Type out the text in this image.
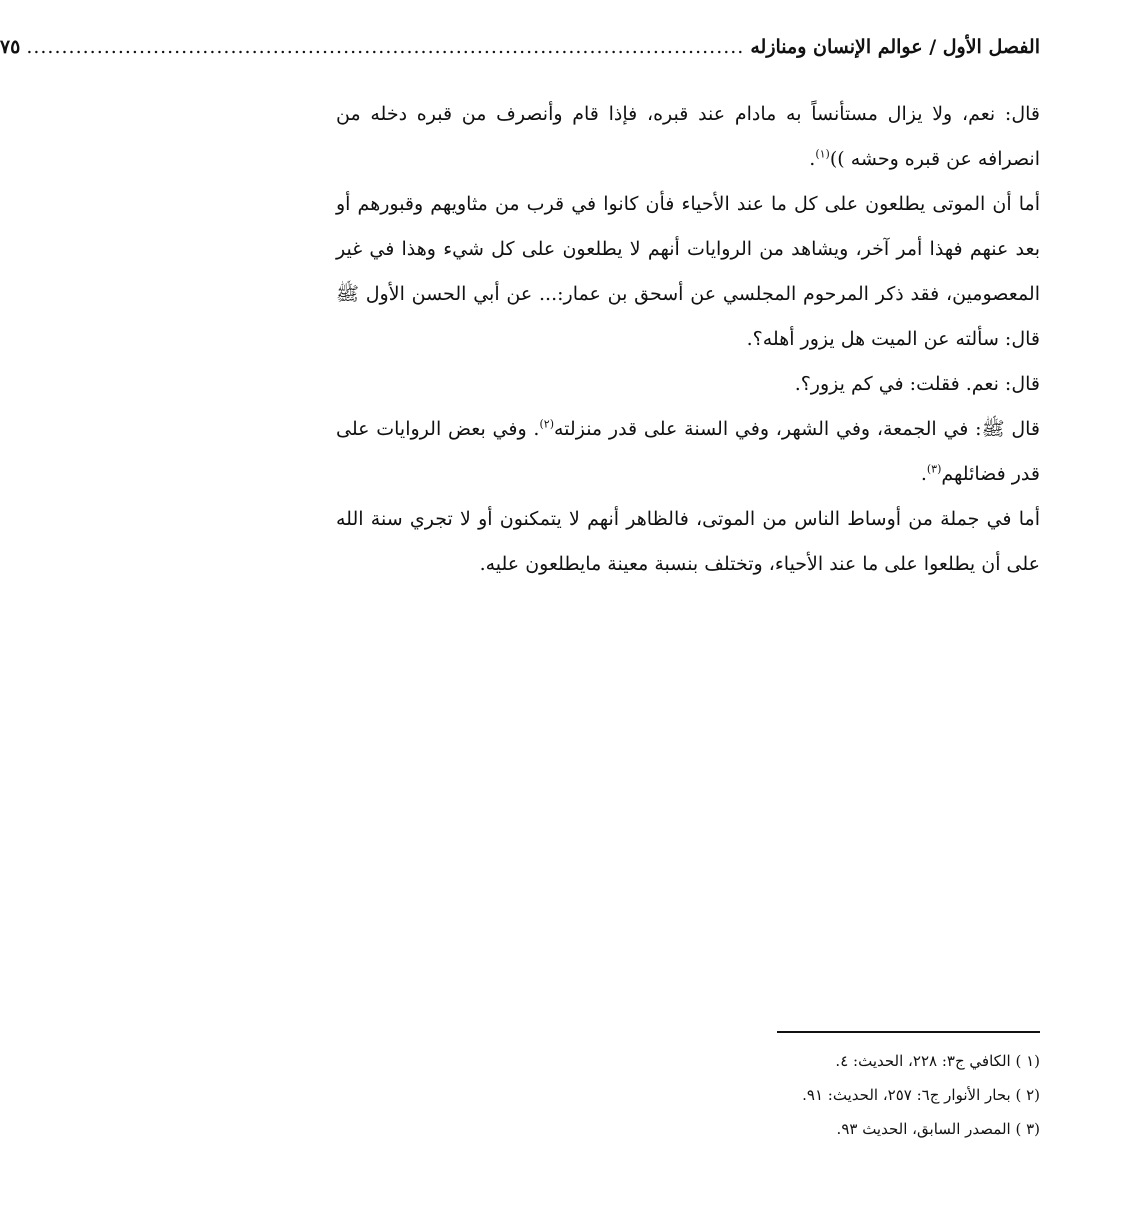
الفصل الأول / عوالم الإنسان ومنازله
......................................................................................................
٧٥

قال: نعم، ولا يزال مستأنساً به مادام عند قبره، فإذا قام وأنصرف من قبره دخله من انصرافه عن قبره وحشه ))$^{(١)}$.

أما أن الموتى يطلعون على كل ما عند الأحياء فأن كانوا في قرب من مثاويهم وقبورهم أو بعد عنهم فهذا أمر آخر، ويشاهد من الروايات أنهم لا يطلعون على كل شيء وهذا في غير المعصومين، فقد ذكر المرحوم المجلسي عن أسحق بن عمار:... عن أبي الحسن الأول ﷺ قال: سألته عن الميت هل يزور أهله؟.

قال: نعم. فقلت: في كم يزور؟.

قال ﷺ: في الجمعة، وفي الشهر، وفي السنة على قدر منزلته$^{(٢)}$. وفي بعض الروايات على قدر فضائلهم$^{(٣)}$.

أما في جملة من أوساط الناس من الموتى، فالظاهر أنهم لا يتمكنون أو لا تجري سنة الله على أن يطلعوا على ما عند الأحياء، وتختلف بنسبة معينة مايطلعون عليه.

(١ ) الكافي ج٣: ٢٢٨، الحديث: ٤.

(٢ ) بحار الأنوار ج٦: ٢٥٧، الحديث: ٩١.

(٣ ) المصدر السابق، الحديث ٩٣.
